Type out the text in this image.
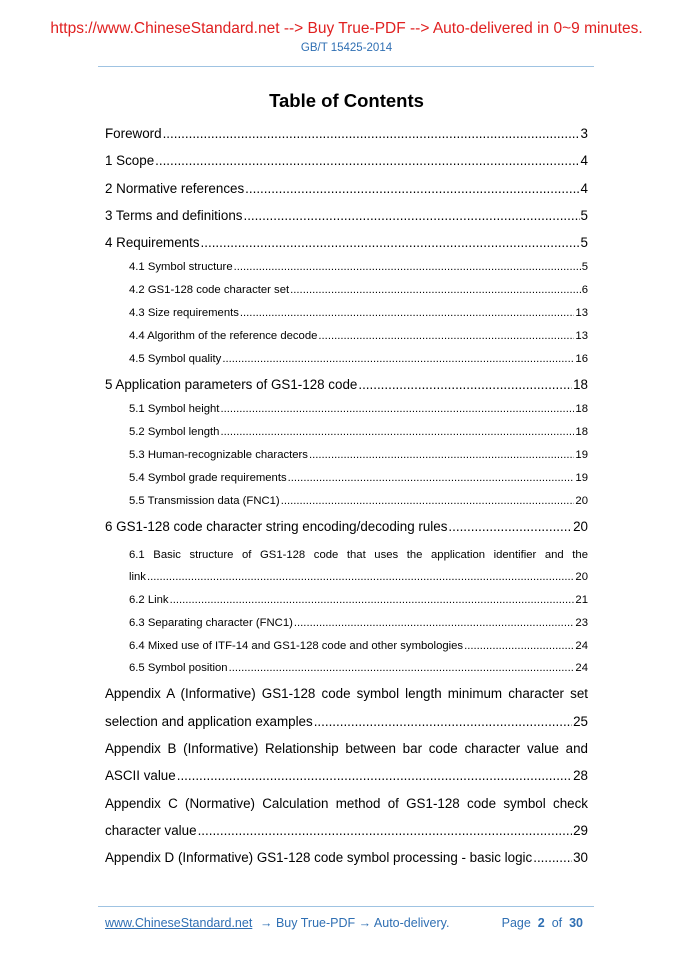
https://www.ChineseStandard.net --> Buy True-PDF --> Auto-delivered in 0~9 minutes.
GB/T 15425-2014
Table of Contents
Foreword .....	3
1 Scope .....	4
2 Normative references .....	4
3 Terms and definitions .....	5
4 Requirements .....	5
4.1 Symbol structure .....	5
4.2 GS1-128 code character set .....	6
4.3 Size requirements .....	13
4.4 Algorithm of the reference decode .....	13
4.5 Symbol quality .....	16
5 Application parameters of GS1-128 code .....	18
5.1 Symbol height .....	18
5.2 Symbol length .....	18
5.3 Human-recognizable characters .....	19
5.4 Symbol grade requirements .....	19
5.5 Transmission data (FNC1) .....	20
6 GS1-128 code character string encoding/decoding rules .....	20
6.1 Basic structure of GS1-128 code that uses the application identifier and the
link .....	20
6.2 Link .....	21
6.3 Separating character (FNC1) .....	23
6.4 Mixed use of ITF-14 and GS1-128 code and other symbologies .....	24
6.5 Symbol position .....	24
Appendix A (Informative) GS1-128 code symbol length minimum character set
selection and application examples .....	25
Appendix B (Informative) Relationship between bar code character value and
ASCII value .....	28
Appendix C (Normative) Calculation method of GS1-128 code symbol check
character value .....	29
Appendix D (Informative) GS1-128 code symbol processing - basic logic .....	30
www.ChineseStandard.net → Buy True-PDF → Auto-delivery.	Page 2 of 30
